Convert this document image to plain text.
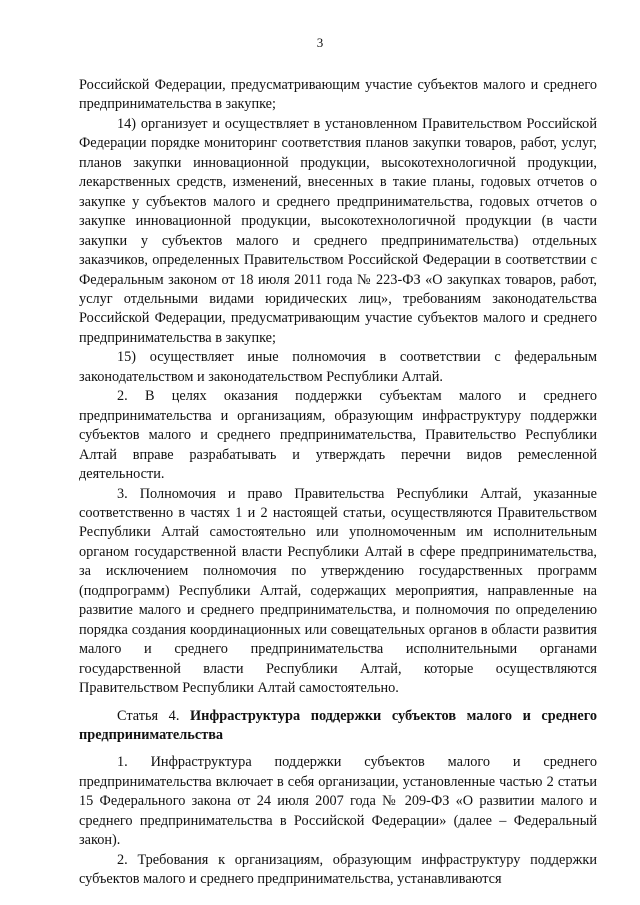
3

Российской Федерации, предусматривающим участие субъектов малого и среднего предпринимательства в закупке;

14) организует и осуществляет в установленном Правительством Российской Федерации порядке мониторинг соответствия планов закупки товаров, работ, услуг, планов закупки инновационной продукции, высокотехнологичной продукции, лекарственных средств, изменений, внесенных в такие планы, годовых отчетов о закупке у субъектов малого и среднего предпринимательства, годовых отчетов о закупке инновационной продукции, высокотехнологичной продукции (в части закупки у субъектов малого и среднего предпринимательства) отдельных заказчиков, определенных Правительством Российской Федерации в соответствии с Федеральным законом от 18 июля 2011 года № 223-ФЗ «О закупках товаров, работ, услуг отдельными видами юридических лиц», требованиям законодательства Российской Федерации, предусматривающим участие субъектов малого и среднего предпринимательства в закупке;

15) осуществляет иные полномочия в соответствии с федеральным законодательством и законодательством Республики Алтай.

2. В целях оказания поддержки субъектам малого и среднего предпринимательства и организациям, образующим инфраструктуру поддержки субъектов малого и среднего предпринимательства, Правительство Республики Алтай вправе разрабатывать и утверждать перечни видов ремесленной деятельности.

3. Полномочия и право Правительства Республики Алтай, указанные соответственно в частях 1 и 2 настоящей статьи, осуществляются Правительством Республики Алтай самостоятельно или уполномоченным им исполнительным органом государственной власти Республики Алтай в сфере предпринимательства, за исключением полномочия по утверждению государственных программ (подпрограмм) Республики Алтай, содержащих мероприятия, направленные на развитие малого и среднего предпринимательства, и полномочия по определению порядка создания координационных или совещательных органов в области развития малого и среднего предпринимательства исполнительными органами государственной власти Республики Алтай, которые осуществляются Правительством Республики Алтай самостоятельно.

Статья 4. Инфраструктура поддержки субъектов малого и среднего предпринимательства

1. Инфраструктура поддержки субъектов малого и среднего предпринимательства включает в себя организации, установленные частью 2 статьи 15 Федерального закона от 24 июля 2007 года № 209-ФЗ «О развитии малого и среднего предпринимательства в Российской Федерации» (далее – Федеральный закон).

2. Требования к организациям, образующим инфраструктуру поддержки субъектов малого и среднего предпринимательства, устанавливаются
